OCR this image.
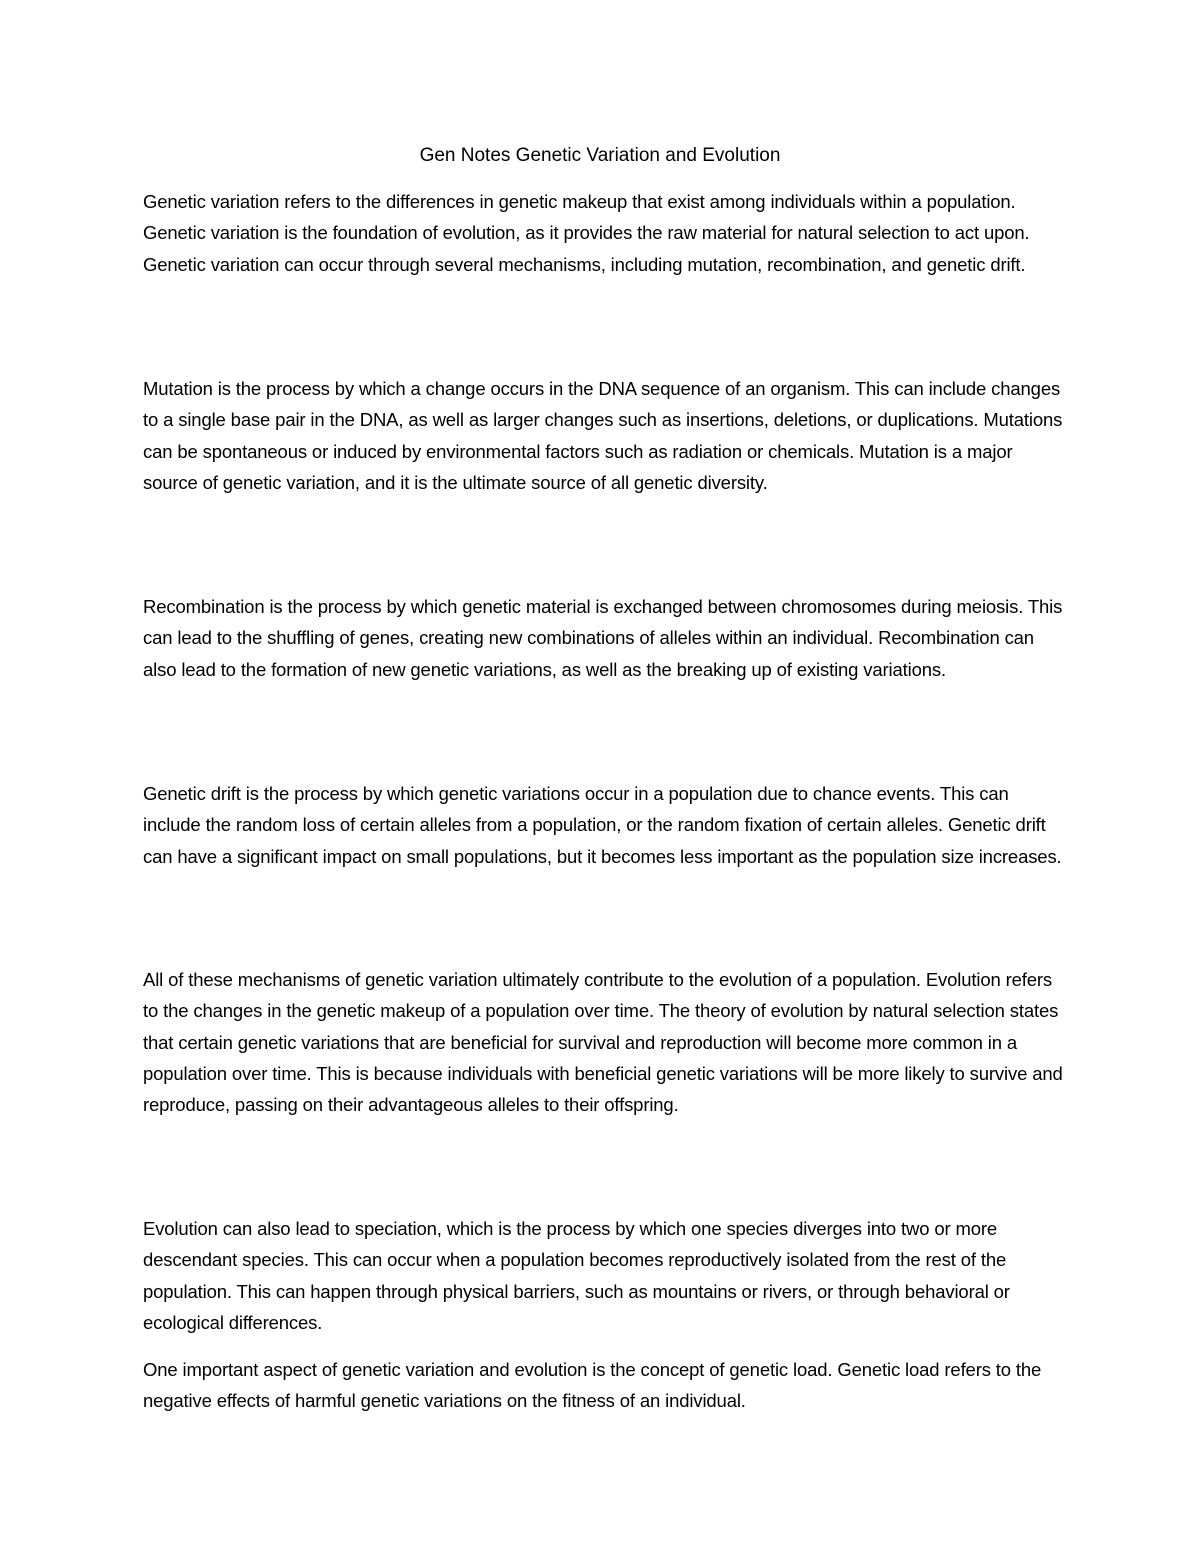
Gen Notes Genetic Variation and Evolution

Genetic variation refers to the differences in genetic makeup that exist among individuals within a population. Genetic variation is the foundation of evolution, as it provides the raw material for natural selection to act upon. Genetic variation can occur through several mechanisms, including mutation, recombination, and genetic drift.

Mutation is the process by which a change occurs in the DNA sequence of an organism. This can include changes to a single base pair in the DNA, as well as larger changes such as insertions, deletions, or duplications. Mutations can be spontaneous or induced by environmental factors such as radiation or chemicals. Mutation is a major source of genetic variation, and it is the ultimate source of all genetic diversity.

Recombination is the process by which genetic material is exchanged between chromosomes during meiosis. This can lead to the shuffling of genes, creating new combinations of alleles within an individual. Recombination can also lead to the formation of new genetic variations, as well as the breaking up of existing variations.

Genetic drift is the process by which genetic variations occur in a population due to chance events. This can include the random loss of certain alleles from a population, or the random fixation of certain alleles. Genetic drift can have a significant impact on small populations, but it becomes less important as the population size increases.

All of these mechanisms of genetic variation ultimately contribute to the evolution of a population. Evolution refers to the changes in the genetic makeup of a population over time. The theory of evolution by natural selection states that certain genetic variations that are beneficial for survival and reproduction will become more common in a population over time. This is because individuals with beneficial genetic variations will be more likely to survive and reproduce, passing on their advantageous alleles to their offspring.

Evolution can also lead to speciation, which is the process by which one species diverges into two or more descendant species. This can occur when a population becomes reproductively isolated from the rest of the population. This can happen through physical barriers, such as mountains or rivers, or through behavioral or ecological differences.

One important aspect of genetic variation and evolution is the concept of genetic load. Genetic load refers to the negative effects of harmful genetic variations on the fitness of an individual.
